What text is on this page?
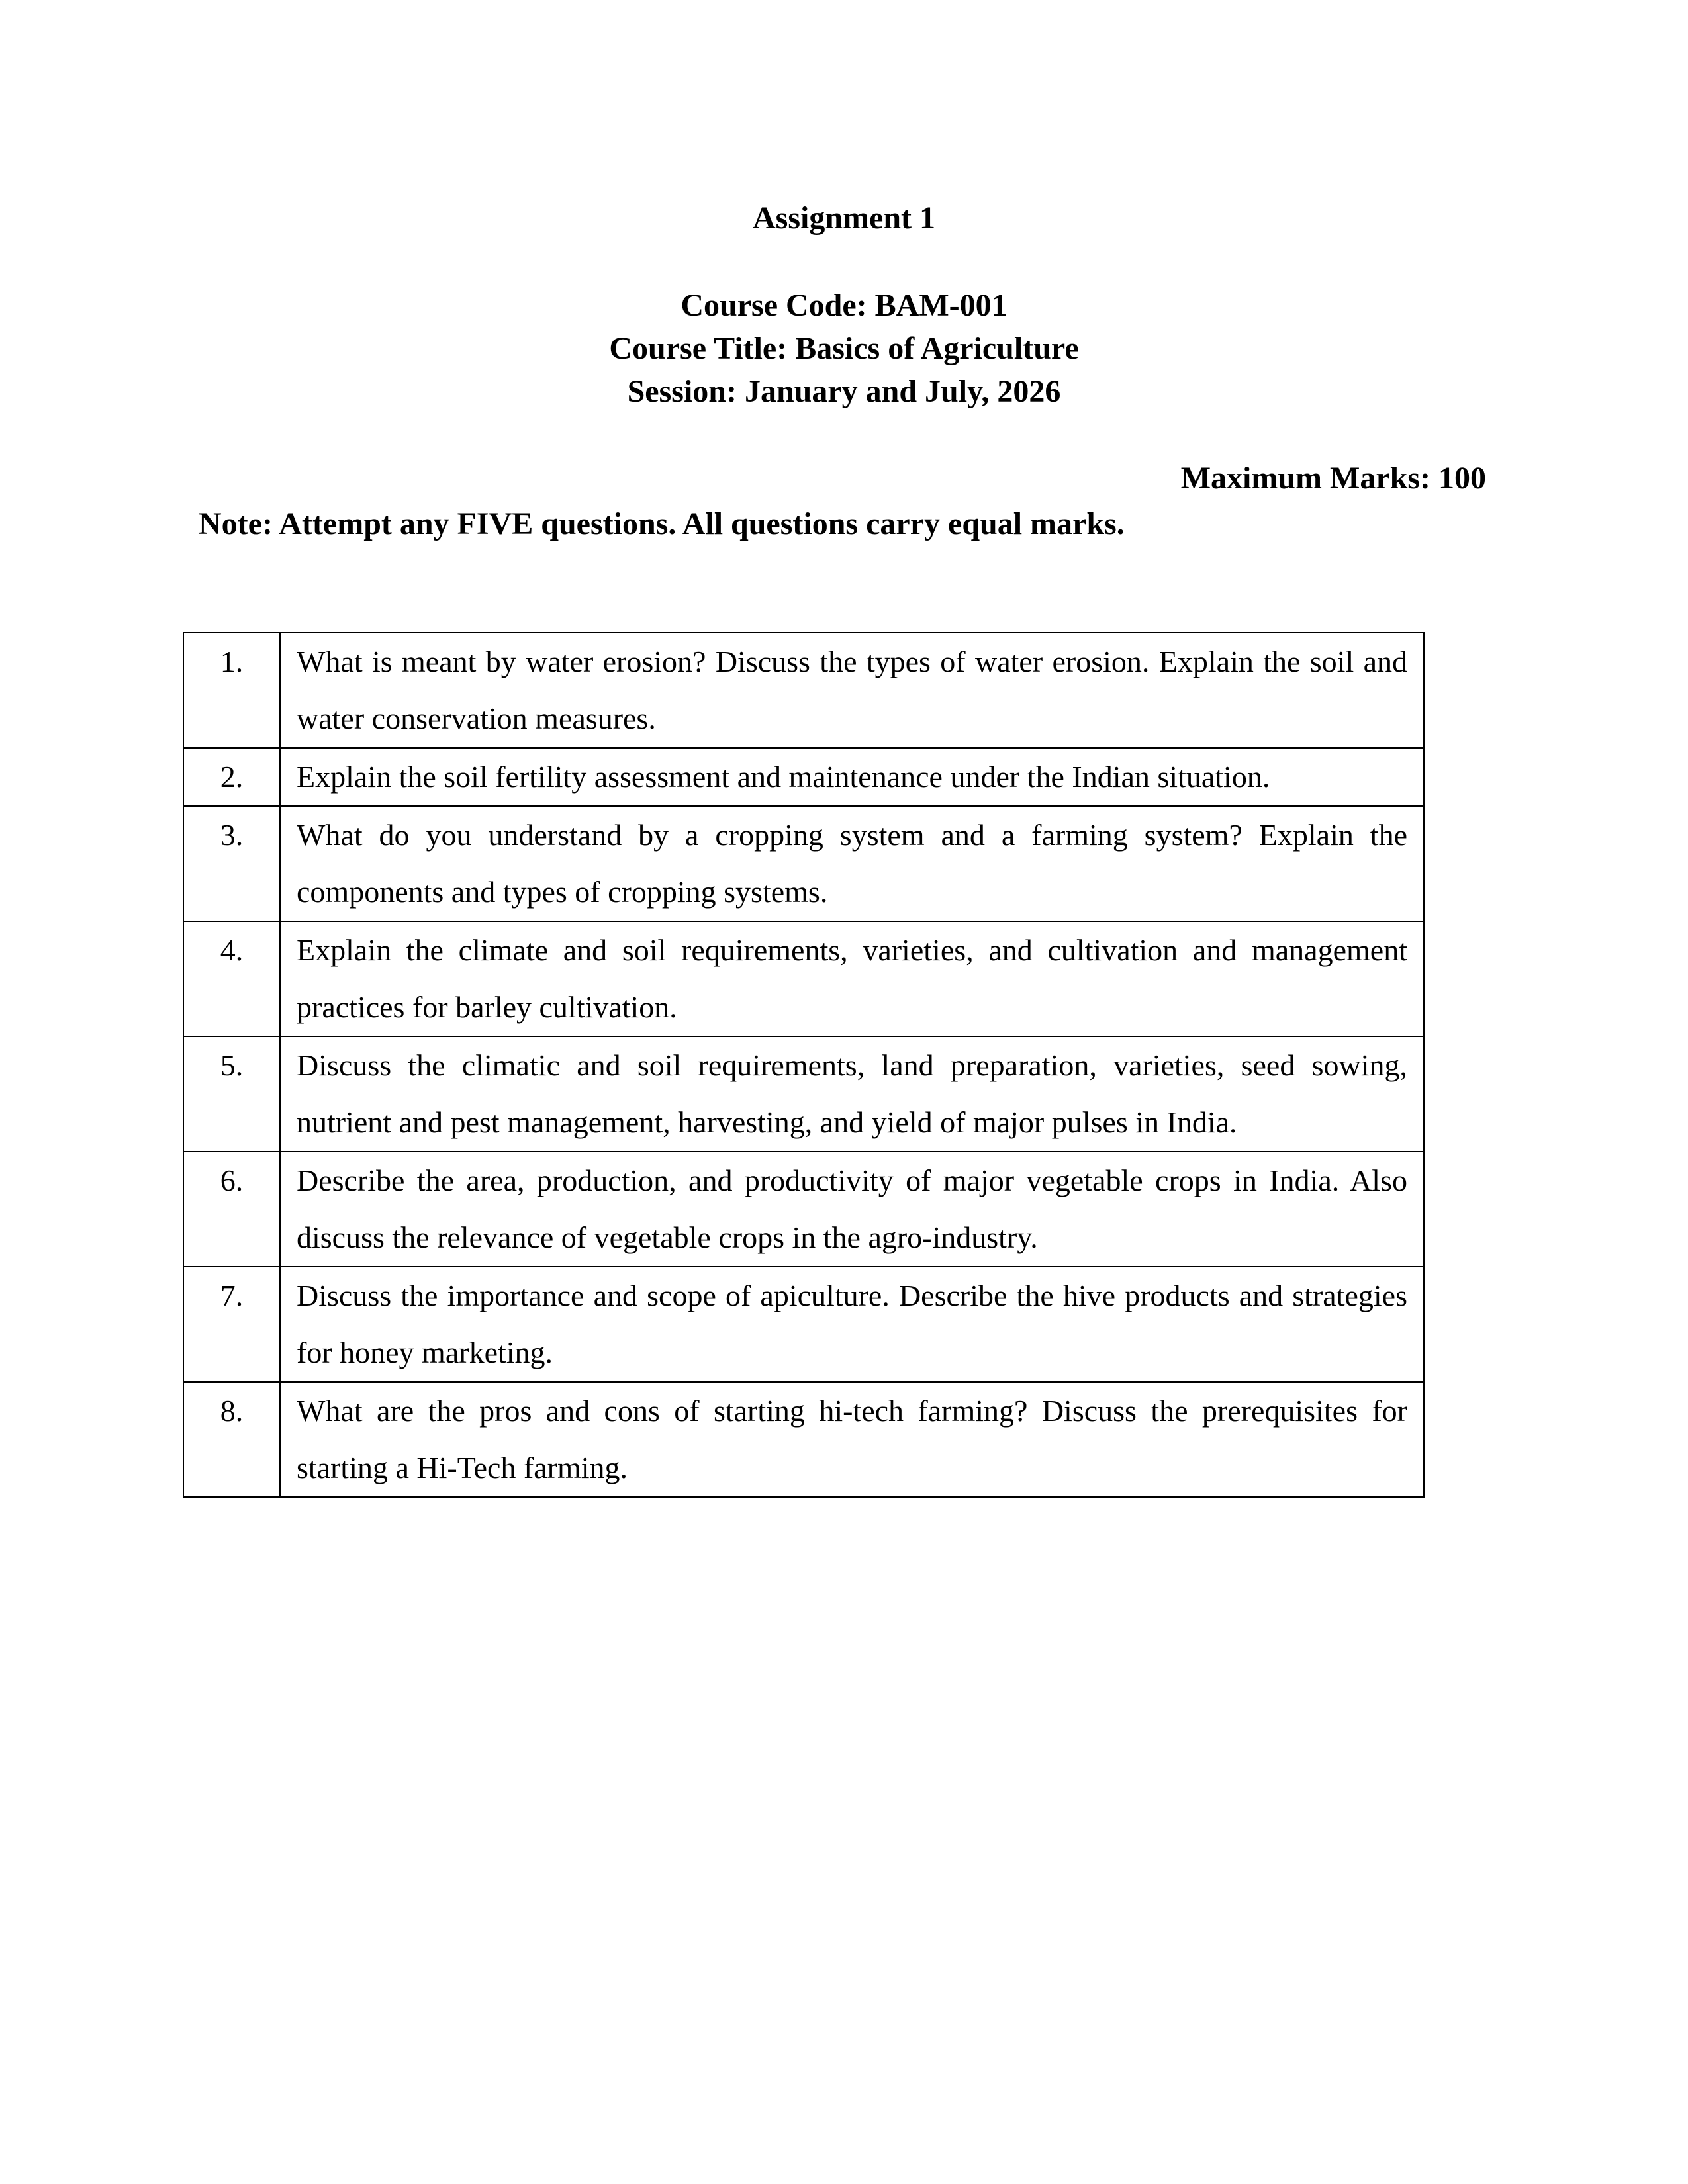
Assignment 1
Course Code: BAM-001
Course Title: Basics of Agriculture
Session: January and July, 2026
Maximum Marks: 100
Note: Attempt any FIVE questions. All questions carry equal marks.
1.	What is meant by water erosion? Discuss the types of water erosion. Explain the soil and water conservation measures.
2.	Explain the soil fertility assessment and maintenance under the Indian situation.
3.	What do you understand by a cropping system and a farming system? Explain the components and types of cropping systems.
4.	Explain the climate and soil requirements, varieties, and cultivation and management practices for barley cultivation.
5.	Discuss the climatic and soil requirements, land preparation, varieties, seed sowing, nutrient and pest management, harvesting, and yield of major pulses in India.
6.	Describe the area, production, and productivity of major vegetable crops in India. Also discuss the relevance of vegetable crops in the agro-industry.
7.	Discuss the importance and scope of apiculture. Describe the hive products and strategies for honey marketing.
8.	What are the pros and cons of starting hi-tech farming? Discuss the prerequisites for starting a Hi-Tech farming.
